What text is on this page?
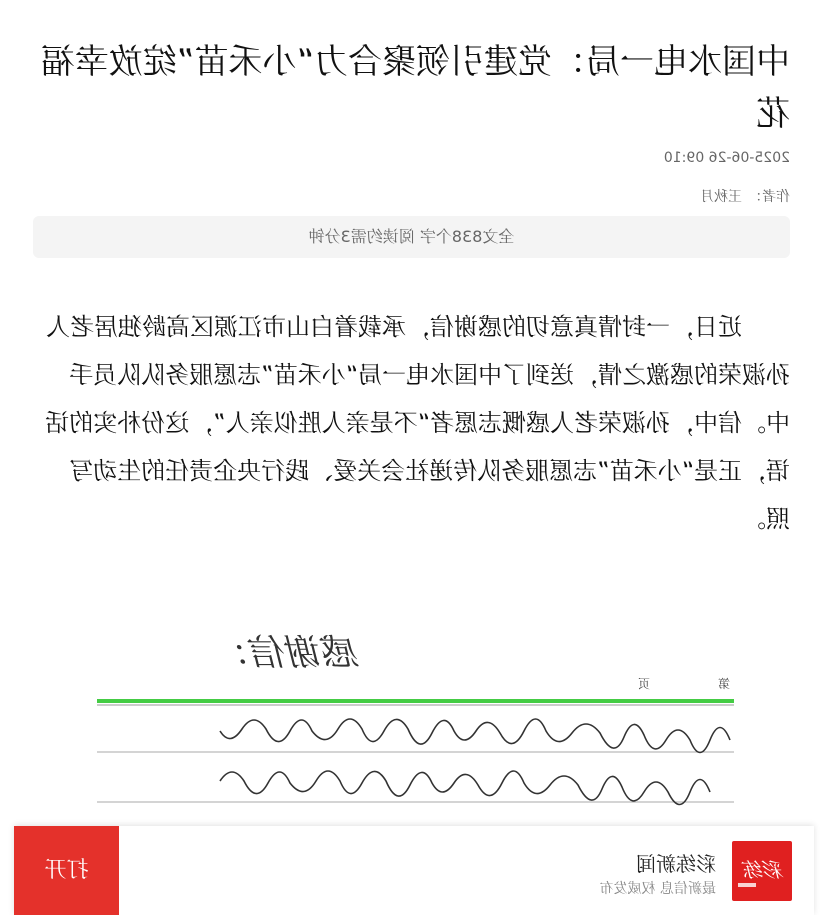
中国水电一局：党建引领聚合力“小禾苗”绽放幸福花
2025-06-26 09:10
作者：王秋月
全文838个字 阅读约需3分钟

近日，一封情真意切的感谢信，承载着白山市江源区高龄独居老人孙淑荣的感激之情，送到了中国水电一局“小禾苗”志愿服务队队员手中。信中，孙淑荣老人感慨志愿者“不是亲人胜似亲人”，这份朴实的话语，正是“小禾苗”志愿服务队传递社会关爱、践行央企责任的生动写照。

感谢信：
第
页
彩练
彩练新闻
最新信息 权威发布
打开
